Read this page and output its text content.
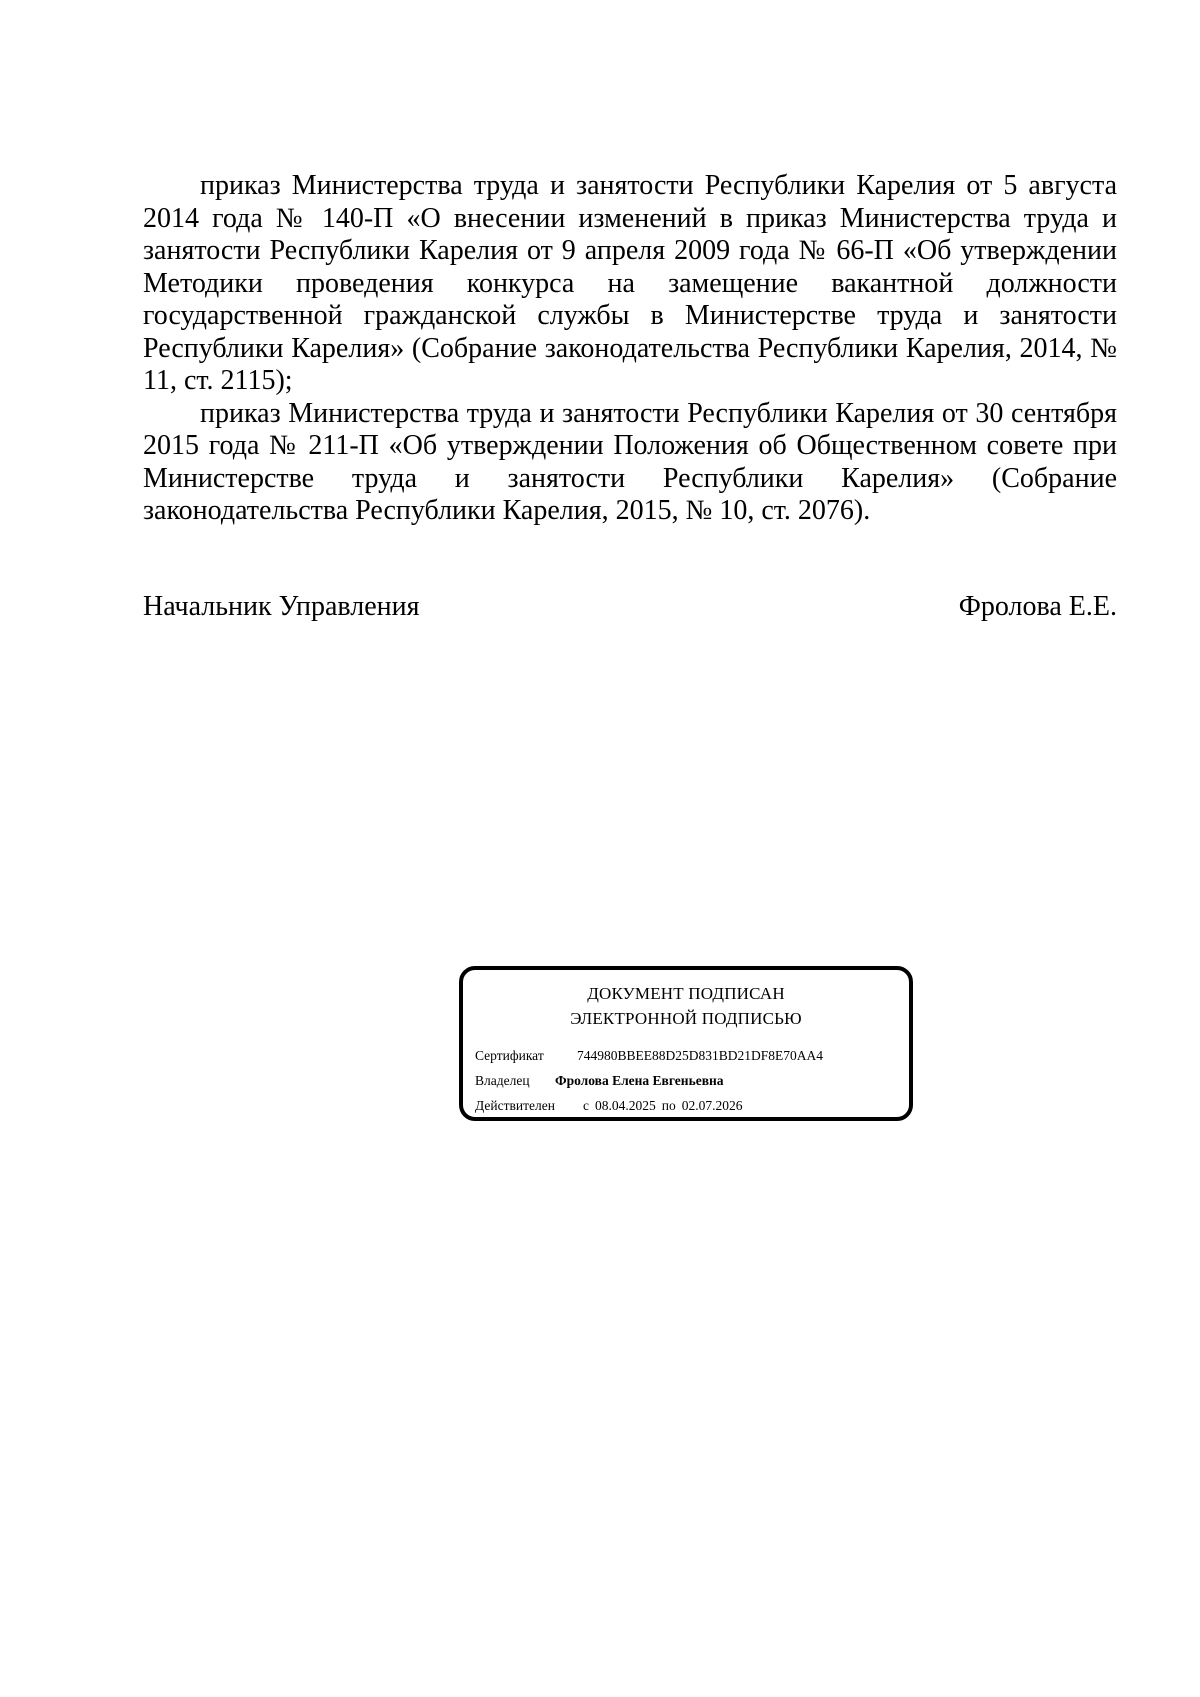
приказ Министерства труда и занятости Республики Карелия от 5 августа 2014 года № 140-П «О внесении изменений в приказ Министерства труда и занятости Республики Карелия от 9 апреля 2009 года № 66-П «Об утверждении Методики проведения конкурса на замещение вакантной должности государственной гражданской службы в Министерстве труда и занятости Республики Карелия» (Собрание законодательства Республики Карелия, 2014, № 11, ст. 2115);

приказ Министерства труда и занятости Республики Карелия от 30 сентября 2015 года № 211-П «Об утверждении Положения об Общественном совете при Министерстве труда и занятости Республики Карелия» (Собрание законодательства Республики Карелия, 2015, № 10, ст. 2076).

Начальник Управления	Фролова Е.Е.
ДОКУМЕНТ ПОДПИСАН
ЭЛЕКТРОННОЙ ПОДПИСЬЮ
Сертификат 744980BBEE88D25D831BD21DF8E70AA4
Владелец Фролова Елена Евгеньевна
Действителен с 08.04.2025 по 02.07.2026
